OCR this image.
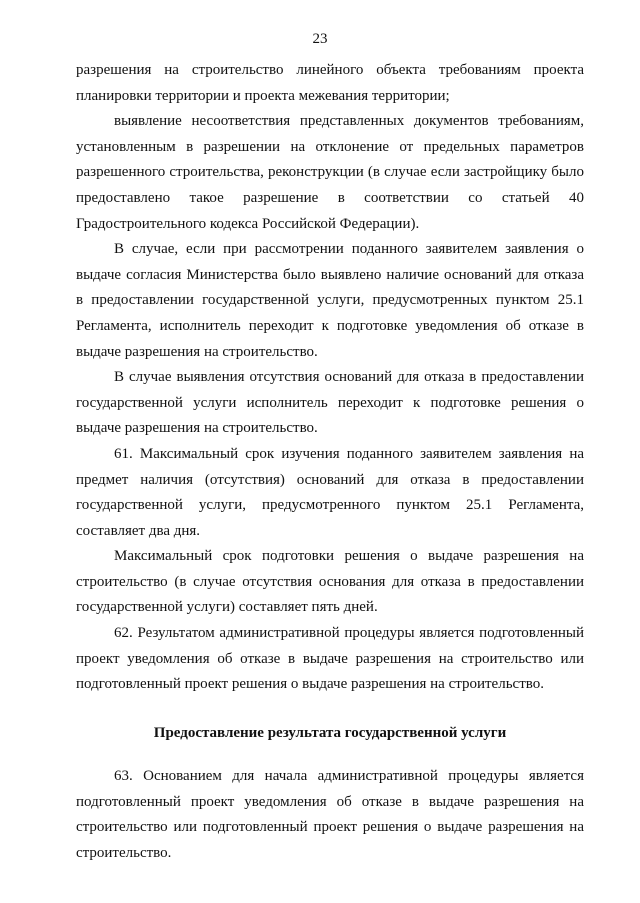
23

разрешения на строительство линейного объекта требованиям проекта планировки территории и проекта межевания территории;

выявление несоответствия представленных документов требованиям, установленным в разрешении на отклонение от предельных параметров разрешенного строительства, реконструкции (в случае если застройщику было предоставлено такое разрешение в соответствии со статьей 40 Градостроительного кодекса Российской Федерации).

В случае, если при рассмотрении поданного заявителем заявления о выдаче согласия Министерства было выявлено наличие оснований для отказа в предоставлении государственной услуги, предусмотренных пунктом 25.1 Регламента, исполнитель переходит к подготовке уведомления об отказе в выдаче разрешения на строительство.

В случае выявления отсутствия оснований для отказа в предоставлении государственной услуги исполнитель переходит к подготовке решения о выдаче разрешения на строительство.

61. Максимальный срок изучения поданного заявителем заявления на предмет наличия (отсутствия) оснований для отказа в предоставлении государственной услуги, предусмотренного пунктом 25.1 Регламента, составляет два дня.

Максимальный срок подготовки решения о выдаче разрешения на строительство (в случае отсутствия основания для отказа в предоставлении государственной услуги) составляет пять дней.

62. Результатом административной процедуры является подготовленный проект уведомления об отказе в выдаче разрешения на строительство или подготовленный проект решения о выдаче разрешения на строительство.

Предоставление результата государственной услуги

63. Основанием для начала административной процедуры является подготовленный проект уведомления об отказе в выдаче разрешения на строительство или подготовленный проект решения о выдаче разрешения на строительство.
